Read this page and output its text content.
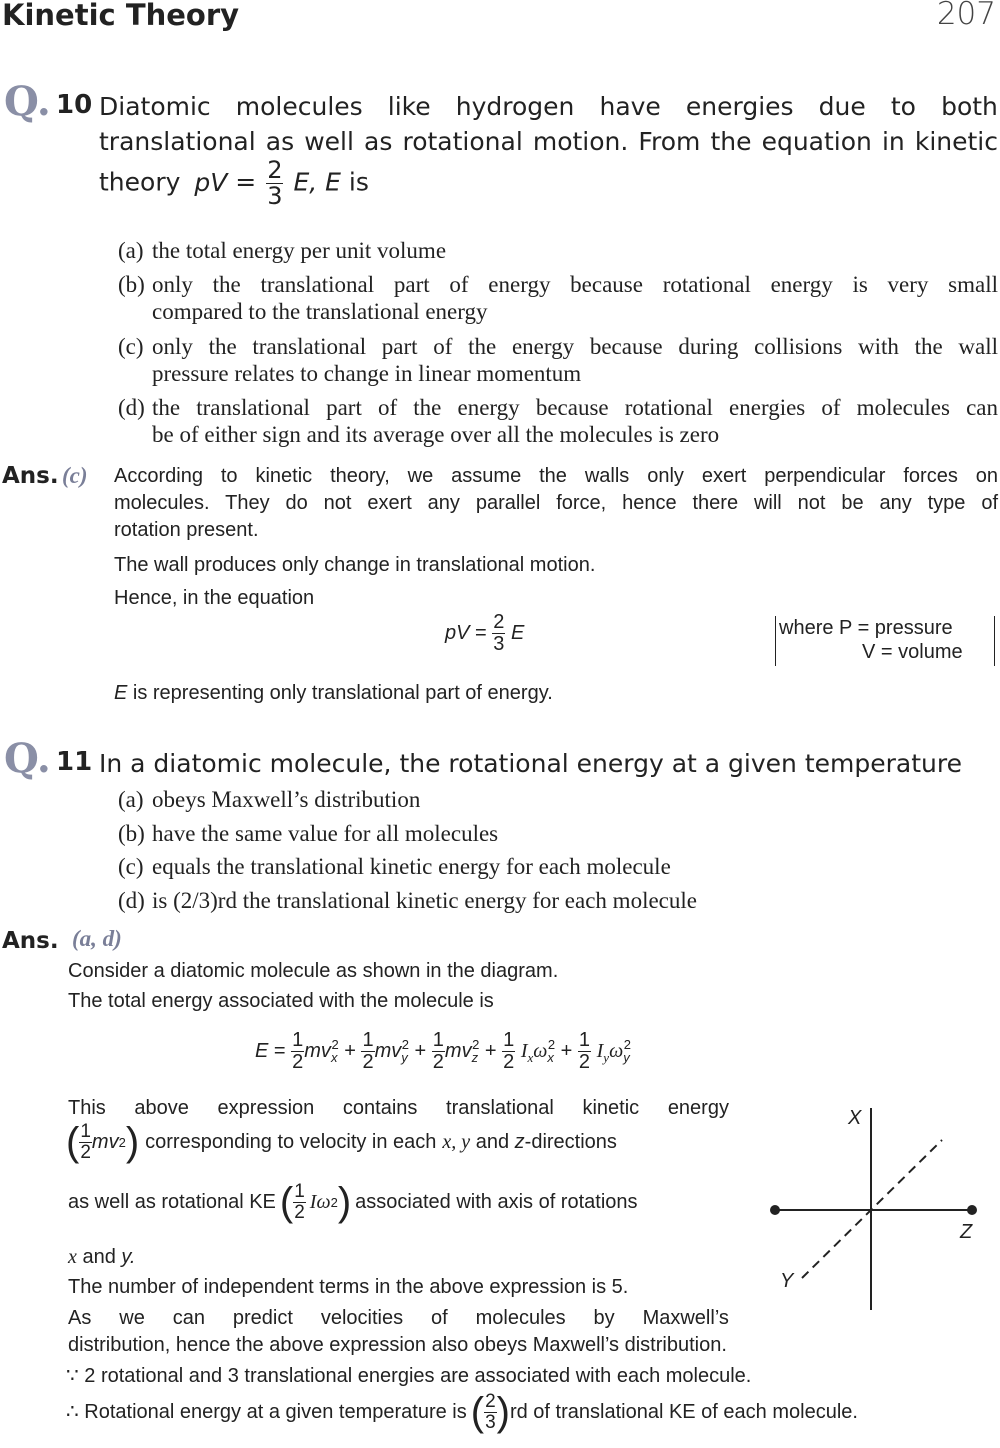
Kinetic Theory	207
Q. 10 Diatomic molecules like hydrogen have energies due to both
translational as well as rotational motion. From the equation in kinetic
theory pV = $\frac{2}{3} E$, E is
(a) the total energy per unit volume
(b) only the translational part of energy because rotational energy is very small
compared to the translational energy
(c) only the translational part of the energy because during collisions with the wall
pressure relates to change in linear momentum
(d) the translational part of the energy because rotational energies of molecules can
be of either sign and its average over all the molecules is zero
Ans. (c) According to kinetic theory, we assume the walls only exert perpendicular forces on
molecules. They do not exert any parallel force, hence there will not be any type of
rotation present.
The wall produces only change in translational motion.
Hence, in the equation
pV = $\frac{2}{3}$ E	where P = pressure
V = volume
E is representing only translational part of energy.
Q. 11 In a diatomic molecule, the rotational energy at a given temperature
(a) obeys Maxwell’s distribution
(b) have the same value for all molecules
(c) equals the translational kinetic energy for each molecule
(d) is (2/3)rd the translational kinetic energy for each molecule
Ans. (a, d)
Consider a diatomic molecule as shown in the diagram.
The total energy associated with the molecule is
$E = \frac{1}{2} mv_x^2 + \frac{1}{2} mv_y^2 + \frac{1}{2} mv_z^2 + \frac{1}{2} I_x\omega_x^2 + \frac{1}{2} I_y\omega_y^2$
This above expression contains translational kinetic energy
( $\frac{1}{2}$ mv 2 ) corresponding to velocity in each x, y and z -directions
as well as rotational KE ( $\frac{1}{2}$ I ω 2 ) associated with axis of rotations
x and y.
The number of independent terms in the above expression is 5.
As we can predict velocities of molecules by Maxwell’s
distribution, hence the above expression also obeys Maxwell’s distribution.
∵ 2 rotational and 3 translational energies are associated with each molecule.
∴ Rotational energy at a given temperature is ( $\frac{2}{3}$ ) rd of translational KE of each molecule.
X
Y
Z
